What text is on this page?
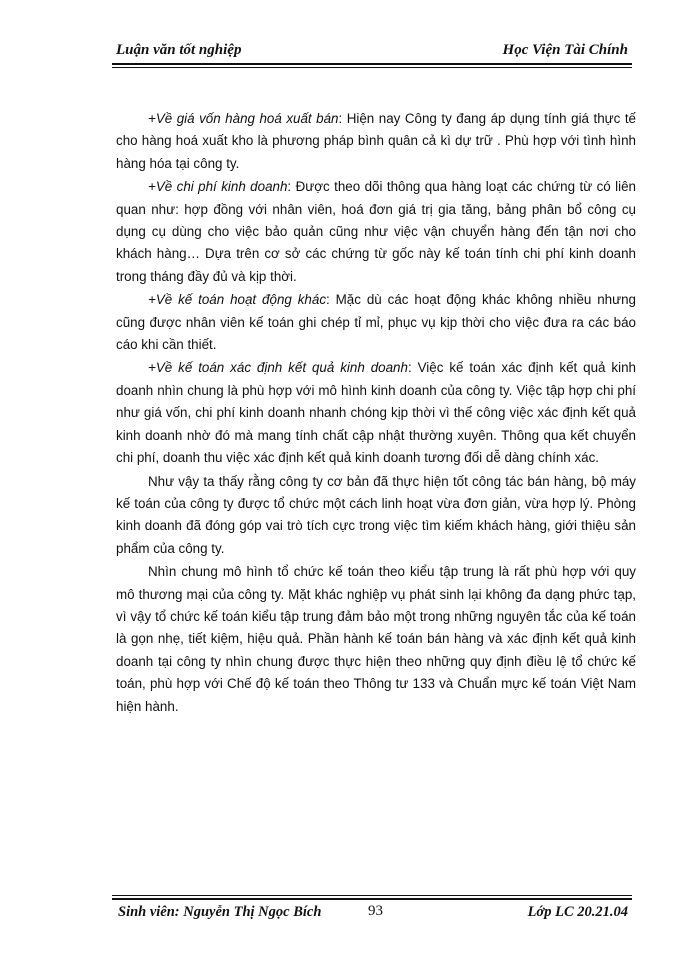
Luận văn tốt nghiệp	Học Viện Tài Chính

+Về giá vốn hàng hoá xuất bán: Hiện nay Công ty đang áp dụng tính giá thực tế cho hàng hoá xuất kho là phương pháp bình quân cả kì dự trữ . Phù hợp với tình hình hàng hóa tại công ty.

+Về chi phí kinh doanh: Được theo dõi thông qua hàng loạt các chứng từ có liên quan như: hợp đồng với nhân viên, hoá đơn giá trị gia tăng, bảng phân bổ công cụ dụng cụ dùng cho việc bảo quản cũng như việc vận chuyển hàng đến tận nơi cho khách hàng… Dựa trên cơ sở các chứng từ gốc này kế toán tính chi phí kinh doanh trong tháng đầy đủ và kịp thời.

+Về kế toán hoạt động khác: Mặc dù các hoạt động khác không nhiều nhưng cũng được nhân viên kế toán ghi chép tỉ mỉ, phục vụ kịp thời cho việc đưa ra các báo cáo khi cần thiết.

+Về kế toán xác định kết quả kinh doanh: Việc kế toán xác định kết quả kinh doanh nhìn chung là phù hợp với mô hình kinh doanh của công ty. Việc tập hợp chi phí như giá vốn, chi phí kinh doanh nhanh chóng kịp thời vì thế công việc xác định kết quả kinh doanh nhờ đó mà mang tính chất cập nhật thường xuyên. Thông qua kết chuyển chi phí, doanh thu việc xác định kết quả kinh doanh tương đối dễ dàng chính xác.

Như vậy ta thấy rằng công ty cơ bản đã thực hiện tốt công tác bán hàng, bộ máy kế toán của công ty được tổ chức một cách linh hoạt vừa đơn giản, vừa hợp lý. Phòng kinh doanh đã đóng góp vai trò tích cực trong việc tìm kiếm khách hàng, giới thiệu sản phẩm của công ty.

Nhìn chung mô hình tổ chức kế toán theo kiểu tập trung là rất phù hợp với quy mô thương mại của công ty. Mặt khác nghiệp vụ phát sinh lại không đa dạng phức tạp, vì vậy tổ chức kế toán kiểu tập trung đảm bảo một trong những nguyên tắc của kế toán là gọn nhẹ, tiết kiệm, hiệu quả. Phần hành kế toán bán hàng và xác định kết quả kinh doanh tại công ty nhìn chung được thực hiện theo những quy định điều lệ tổ chức kế toán, phù hợp với Chế độ kế toán theo Thông tư 133 và Chuẩn mực kế toán Việt Nam hiện hành.

Sinh viên: Nguyễn Thị Ngọc Bích	93	Lớp LC 20.21.04
